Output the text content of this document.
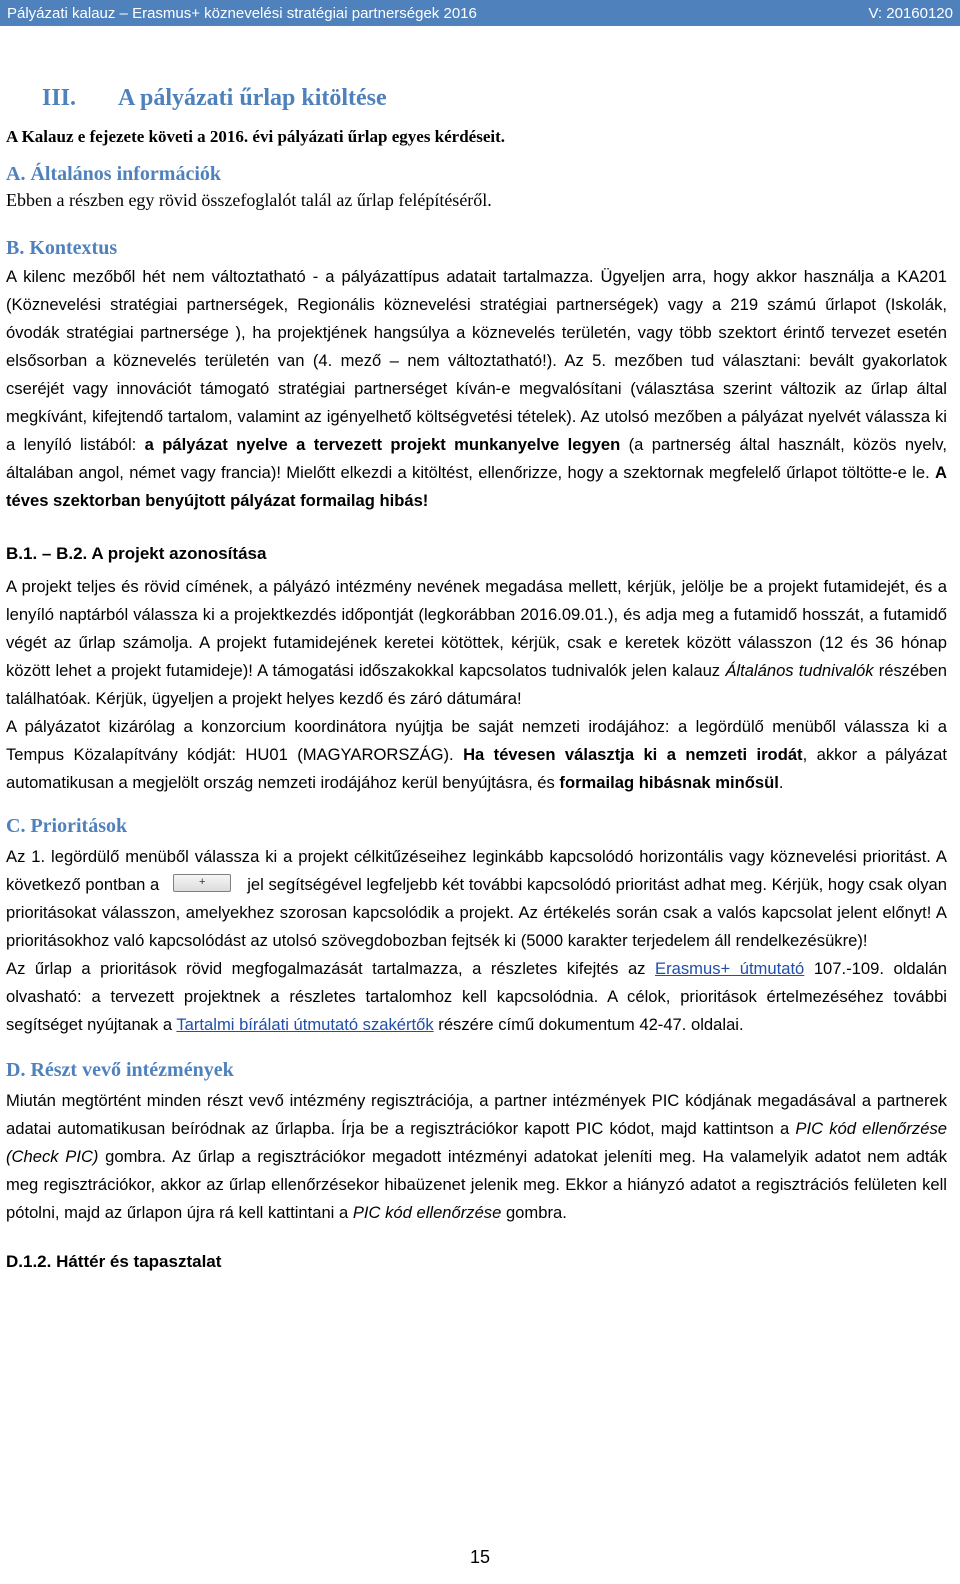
Pályázati kalauz – Erasmus+ köznevelési stratégiai partnerségek 2016	V: 20160120
III. A pályázati űrlap kitöltése
A Kalauz e fejezete követi a 2016. évi pályázati űrlap egyes kérdéseit.
A. Általános információk

Ebben a részben egy rövid összefoglalót talál az űrlap felépítéséről.

B. Kontextus

A kilenc mezőből hét nem változtatható - a pályázattípus adatait tartalmazza. Ügyeljen arra, hogy akkor használja a KA201 (Köznevelési stratégiai partnerségek, Regionális köznevelési stratégiai partnerségek) vagy a 219 számú űrlapot (Iskolák, óvodák stratégiai partnersége ), ha projektjének hangsúlya a köznevelés területén, vagy több szektort érintő tervezet esetén elsősorban a köznevelés területén van (4. mező – nem változtatható!). Az 5. mezőben tud választani: bevált gyakorlatok cseréjét vagy innovációt támogató stratégiai partnerséget kíván-e megvalósítani (választása szerint változik az űrlap által megkívánt, kifejtendő tartalom, valamint az igényelhető költségvetési tételek). Az utolsó mezőben a pályázat nyelvét válassza ki a lenyíló listából: a pályázat nyelve a tervezett projekt munkanyelve legyen (a partnerség által használt, közös nyelv, általában angol, német vagy francia)! Mielőtt elkezdi a kitöltést, ellenőrizze, hogy a szektornak megfelelő űrlapot töltötte-e le. A téves szektorban benyújtott pályázat formailag hibás!

B.1. – B.2. A projekt azonosítása

A projekt teljes és rövid címének, a pályázó intézmény nevének megadása mellett, kérjük, jelölje be a projekt futamidejét, és a lenyíló naptárból válassza ki a projektkezdés időpontját (legkorábban 2016.09.01.), és adja meg a futamidő hosszát, a futamidő végét az űrlap számolja. A projekt futamidejének keretei kötöttek, kérjük, csak e keretek között válasszon (12 és 36 hónap között lehet a projekt futamideje)! A támogatási időszakokkal kapcsolatos tudnivalók jelen kalauz Általános tudnivalók részében találhatóak. Kérjük, ügyeljen a projekt helyes kezdő és záró dátumára!

A pályázatot kizárólag a konzorcium koordinátora nyújtja be saját nemzeti irodájához: a legördülő menüből válassza ki a Tempus Közalapítvány kódját: HU01 (MAGYARORSZÁG). Ha tévesen választja ki a nemzeti irodát, akkor a pályázat automatikusan a megjelölt ország nemzeti irodájához kerül benyújtásra, és formailag hibásnak minősül.

C. Prioritások

Az 1. legördülő menüből válassza ki a projekt célkitűzéseihez leginkább kapcsolódó horizontális vagy köznevelési prioritást. A következő pontban a	+	jel segítségével legfeljebb két további kapcsolódó prioritást adhat meg. Kérjük, hogy csak olyan prioritásokat válasszon, amelyekhez szorosan kapcsolódik a projekt. Az értékelés során csak a valós kapcsolat jelent előnyt! A prioritásokhoz való kapcsolódást az utolsó szövegdobozban fejtsék ki (5000 karakter terjedelem áll rendelkezésükre)!

Az űrlap a prioritások rövid megfogalmazását tartalmazza, a részletes kifejtés az Erasmus+ útmutató 107.-109. oldalán olvasható: a tervezett projektnek a részletes tartalomhoz kell kapcsolódnia. A célok, prioritások értelmezéséhez további segítséget nyújtanak a Tartalmi bírálati útmutató szakértők részére című dokumentum 42-47. oldalai.

D. Részt vevő intézmények

Miután megtörtént minden részt vevő intézmény regisztrációja, a partner intézmények PIC kódjának megadásával a partnerek adatai automatikusan beíródnak az űrlapba. Írja be a regisztrációkor kapott PIC kódot, majd kattintson a PIC kód ellenőrzése (Check PIC) gombra. Az űrlap a regisztrációkor megadott intézményi adatokat jeleníti meg. Ha valamelyik adatot nem adták meg regisztrációkor, akkor az űrlap ellenőrzésekor hibaüzenet jelenik meg. Ekkor a hiányzó adatot a regisztrációs felületen kell pótolni, majd az űrlapon újra rá kell kattintani a PIC kód ellenőrzése gombra.

D.1.2. Háttér és tapasztalat
15
